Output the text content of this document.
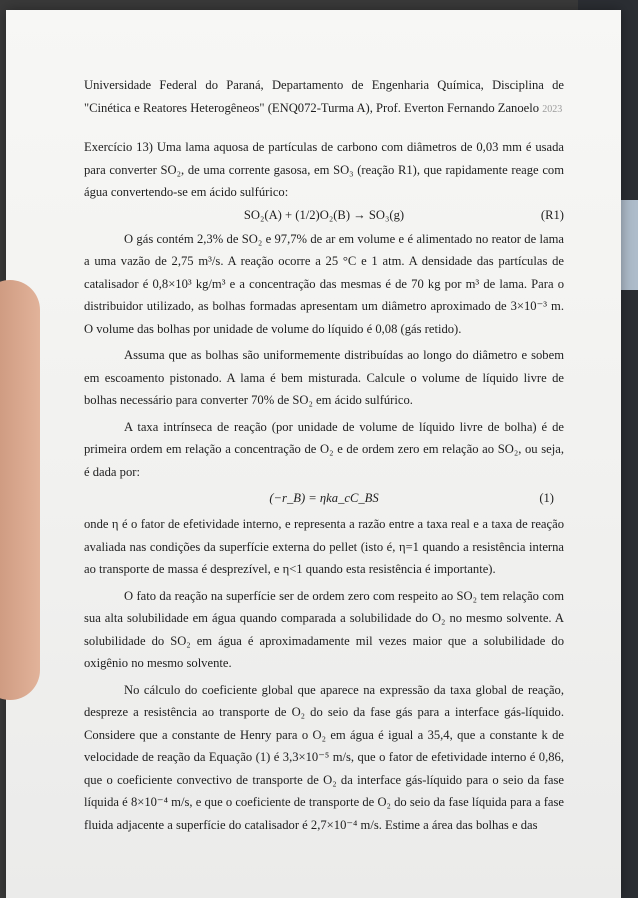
Universidade Federal do Paraná, Departamento de Engenharia Química, Disciplina de "Cinética e Reatores Heterogêneos" (ENQ072-Turma A), Prof. Everton Fernando Zanoelo 2023

Exercício 13) Uma lama aquosa de partículas de carbono com diâmetros de 0,03 mm é usada para converter SO₂, de uma corrente gasosa, em SO₃ (reação R1), que rapidamente reage com água convertendo-se em ácido sulfúrico:

SO₂(A) + (1/2)O₂(B) → SO₃(g)	(R1)

O gás contém 2,3% de SO₂ e 97,7% de ar em volume e é alimentado no reator de lama a uma vazão de 2,75 m³/s. A reação ocorre a 25 °C e 1 atm. A densidade das partículas de catalisador é 0,8×10³ kg/m³ e a concentração das mesmas é de 70 kg por m³ de lama. Para o distribuidor utilizado, as bolhas formadas apresentam um diâmetro aproximado de 3×10⁻³ m. O volume das bolhas por unidade de volume do líquido é 0,08 (gás retido).

Assuma que as bolhas são uniformemente distribuídas ao longo do diâmetro e sobem em escoamento pistonado. A lama é bem misturada. Calcule o volume de líquido livre de bolhas necessário para converter 70% de SO₂ em ácido sulfúrico.

A taxa intrínseca de reação (por unidade de volume de líquido livre de bolha) é de primeira ordem em relação a concentração de O₂ e de ordem zero em relação ao SO₂, ou seja, é dada por:

(−r_B) = ηka_cC_BS	(1)

onde η é o fator de efetividade interno, e representa a razão entre a taxa real e a taxa de reação avaliada nas condições da superfície externa do pellet (isto é, η=1 quando a resistência interna ao transporte de massa é desprezível, e η<1 quando esta resistência é importante).

O fato da reação na superfície ser de ordem zero com respeito ao SO₂ tem relação com sua alta solubilidade em água quando comparada a solubilidade do O₂ no mesmo solvente. A solubilidade do SO₂ em água é aproximadamente mil vezes maior que a solubilidade do oxigênio no mesmo solvente.

No cálculo do coeficiente global que aparece na expressão da taxa global de reação, despreze a resistência ao transporte de O₂ do seio da fase gás para a interface gás-líquido. Considere que a constante de Henry para o O₂ em água é igual a 35,4, que a constante k de velocidade de reação da Equação (1) é 3,3×10⁻⁵ m/s, que o fator de efetividade interno é 0,86, que o coeficiente convectivo de transporte de O₂ da interface gás-líquido para o seio da fase líquida é 8×10⁻⁴ m/s, e que o coeficiente de transporte de O₂ do seio da fase líquida para a fase fluida adjacente a superfície do catalisador é 2,7×10⁻⁴ m/s. Estime a área das bolhas e das
